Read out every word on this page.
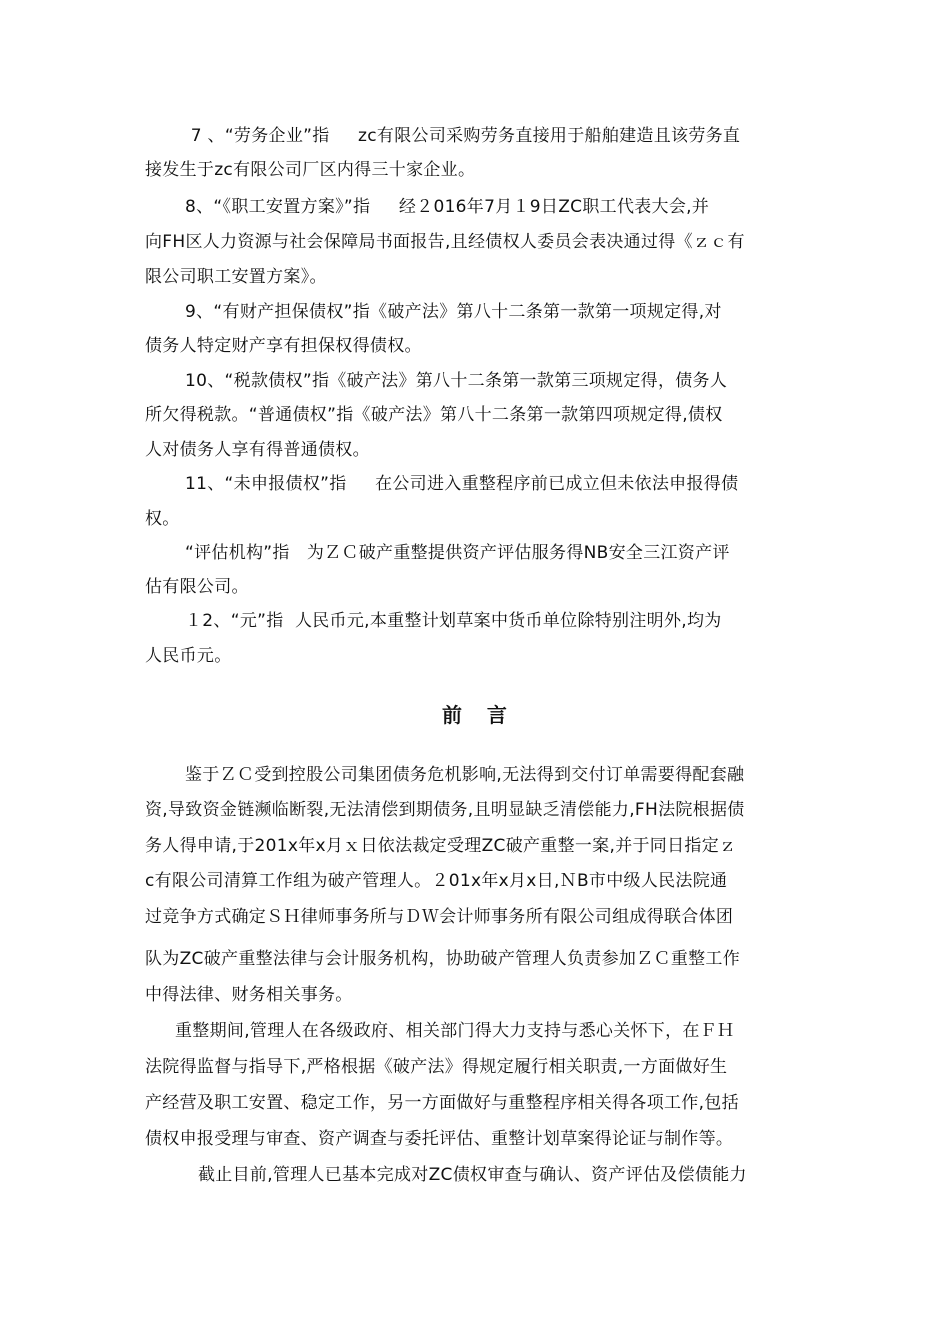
7 、“劳务企业”指     zc有限公司采购劳务直接用于船舶建造且该劳务直
接发生于zc有限公司厂区内得三十家企业。
8、“《职工安置方案》”指     经２016年7月１9日ZC职工代表大会,并
向FH区人力资源与社会保障局书面报告,且经债权人委员会表决通过得《ｚｃ有
限公司职工安置方案》。
9、“有财产担保债权”指《破产法》第八十二条第一款第一项规定得,对
债务人特定财产享有担保权得债权。
10、“税款债权”指《破产法》第八十二条第一款第三项规定得，债务人
所欠得税款。“普通债权”指《破产法》第八十二条第一款第四项规定得,债权
人对债务人享有得普通债权。
11、“未申报债权”指     在公司进入重整程序前已成立但未依法申报得债
权。
“评估机构”指   为ＺＣ破产重整提供资产评估服务得NB安全三江资产评
估有限公司。
１2、“元”指  人民币元,本重整计划草案中货币单位除特别注明外,均为
人民币元。
前   言
鉴于ＺＣ受到控股公司集团债务危机影响,无法得到交付订单需要得配套融
资,导致资金链濒临断裂,无法清偿到期债务,且明显缺乏清偿能力,FH法院根据债
务人得申请,于201x年x月ｘ日依法裁定受理ZC破产重整一案,并于同日指定ｚ
c有限公司清算工作组为破产管理人。２01x年x月x日,ＮB市中级人民法院通
过竞争方式确定ＳＨ律师事务所与ＤＷ会计师事务所有限公司组成得联合体团
队为ZC破产重整法律与会计服务机构，协助破产管理人负责参加ＺＣ重整工作
中得法律、财务相关事务。
重整期间,管理人在各级政府、相关部门得大力支持与悉心关怀下，在ＦＨ
法院得监督与指导下,严格根据《破产法》得规定履行相关职责,一方面做好生
产经营及职工安置、稳定工作，另一方面做好与重整程序相关得各项工作,包括
债权申报受理与审查、资产调查与委托评估、重整计划草案得论证与制作等。
截止目前,管理人已基本完成对ZC债权审查与确认、资产评估及偿债能力
